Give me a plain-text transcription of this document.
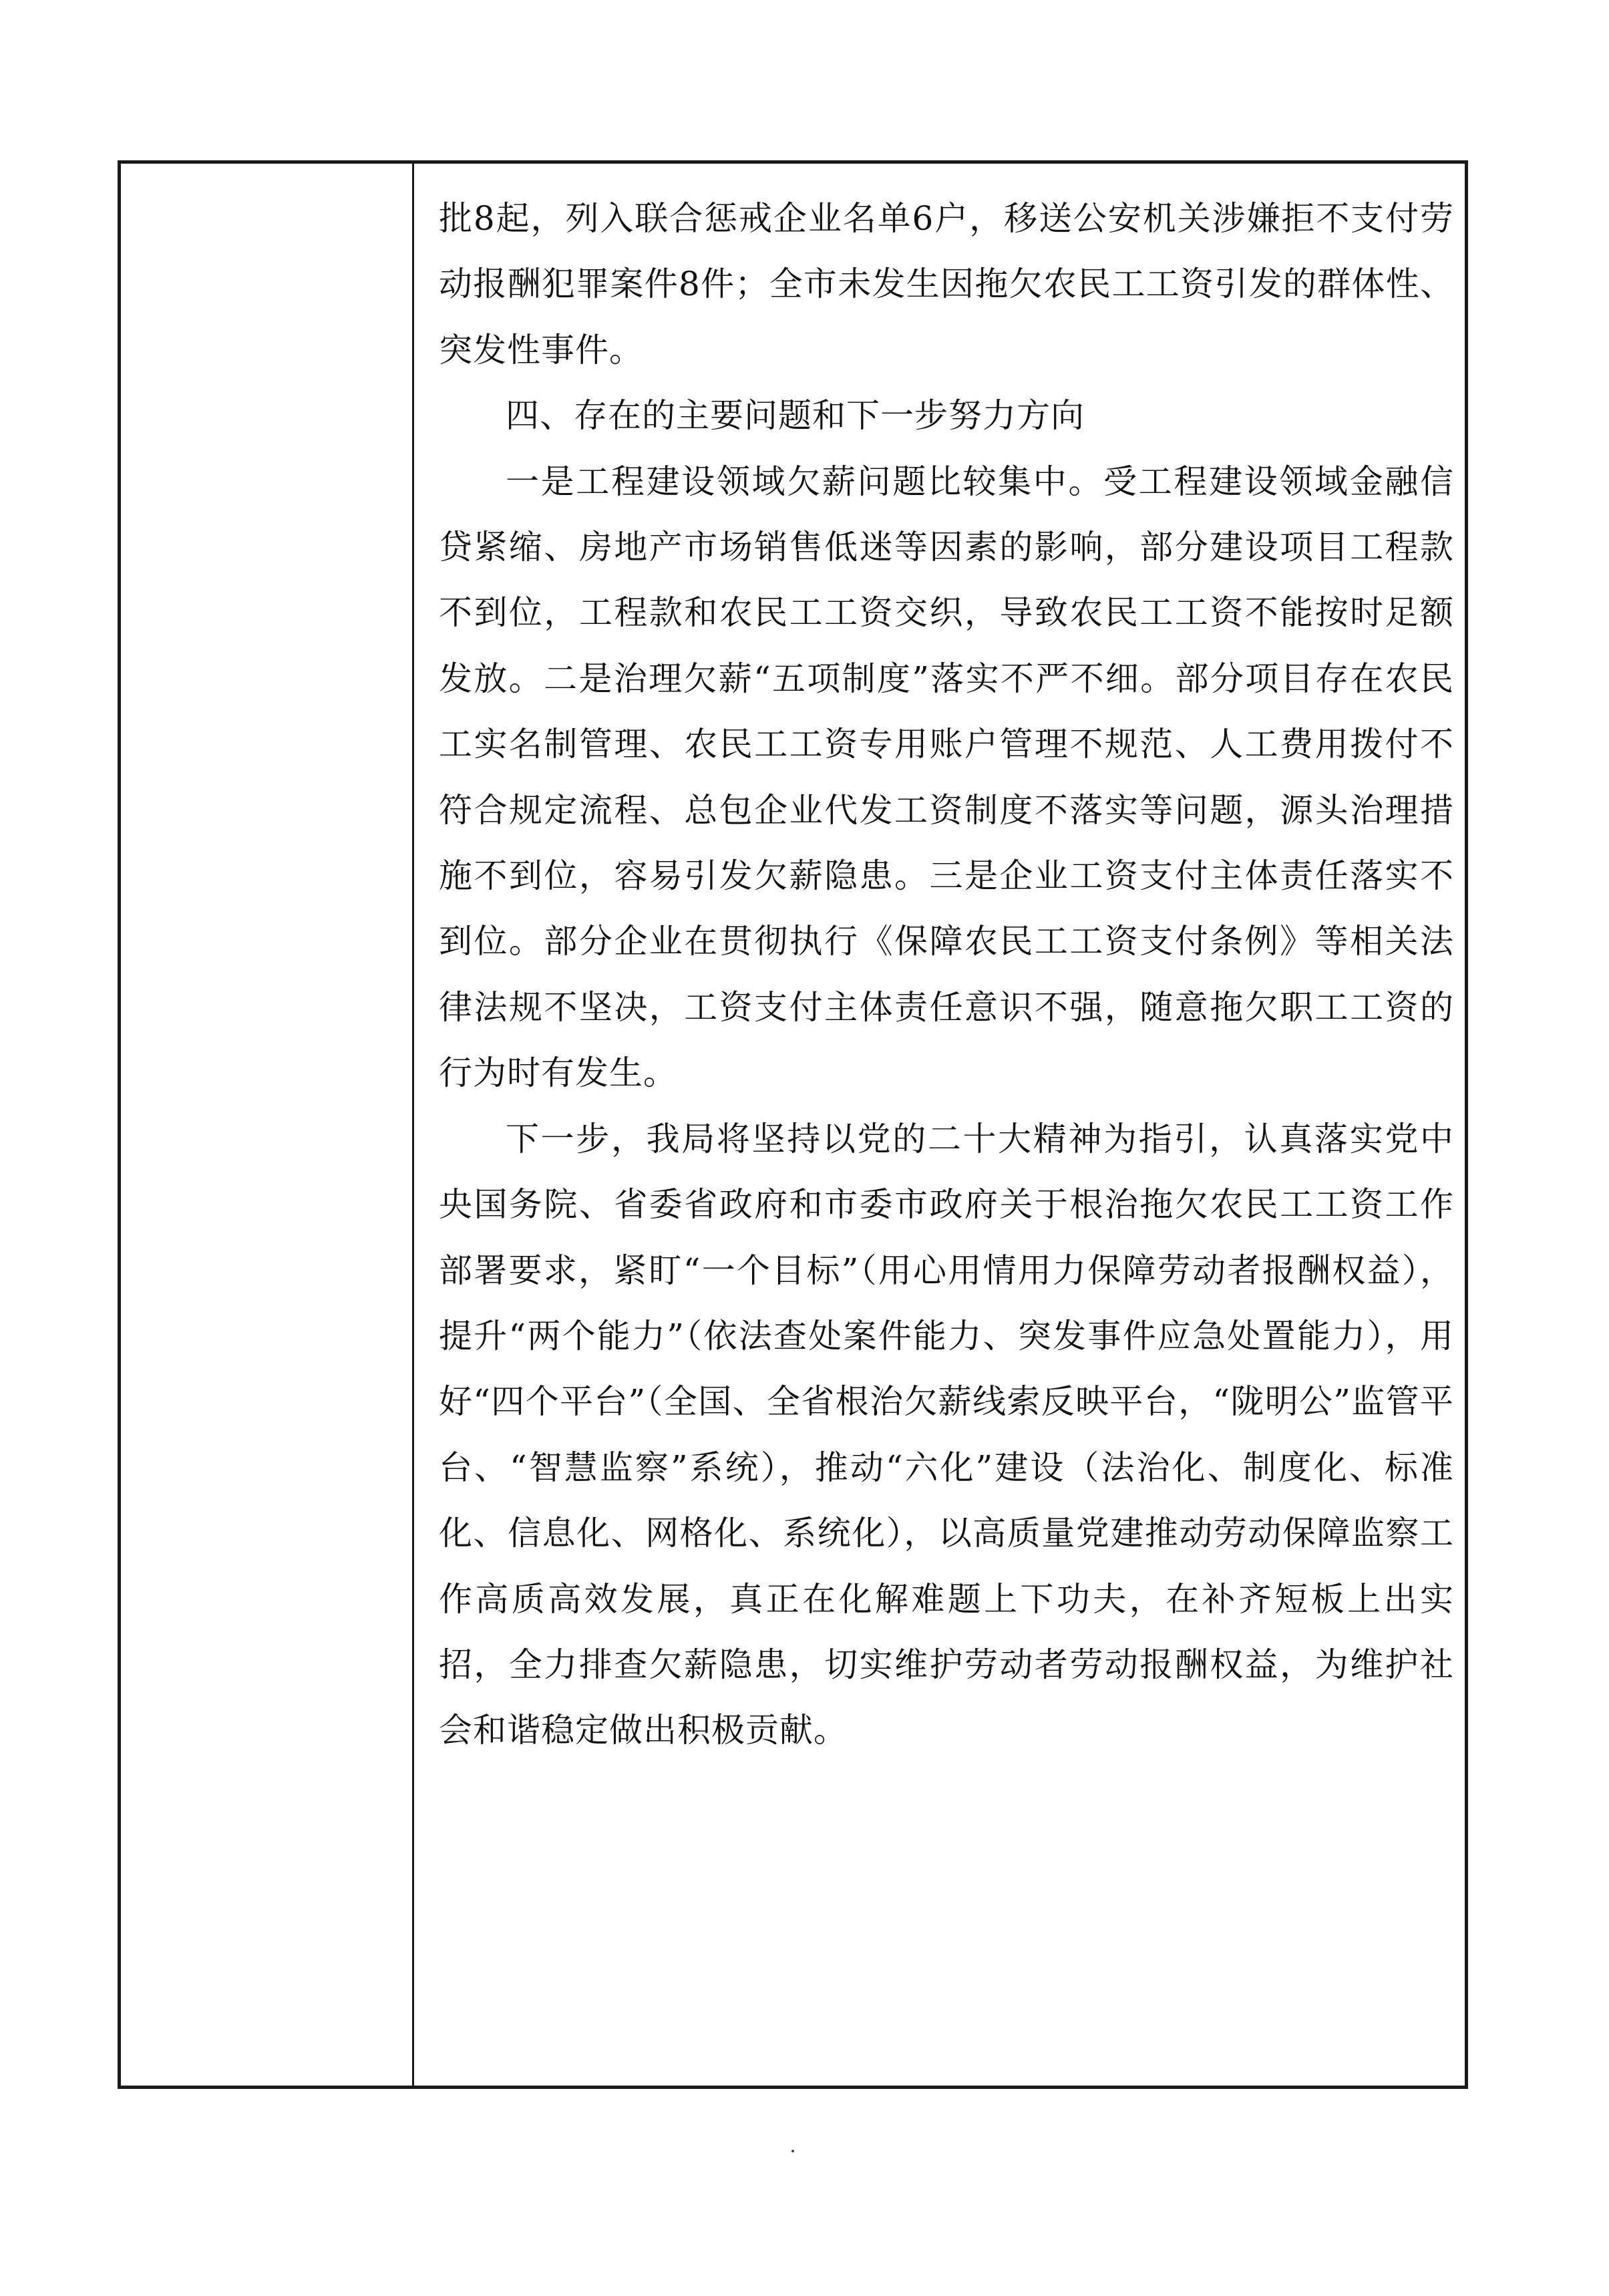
批8起，列入联合惩戒企业名单6户，移送公安机关涉嫌拒不支付劳动报酬犯罪案件8件；全市未发生因拖欠农民工工资引发的群体性、突发性事件。

四、存在的主要问题和下一步努力方向

一是工程建设领域欠薪问题比较集中。受工程建设领域金融信贷紧缩、房地产市场销售低迷等因素的影响，部分建设项目工程款不到位，工程款和农民工工资交织，导致农民工工资不能按时足额发放。二是治理欠薪“五项制度”落实不严不细。部分项目存在农民工实名制管理、农民工工资专用账户管理不规范、人工费用拨付不符合规定流程、总包企业代发工资制度不落实等问题，源头治理措施不到位，容易引发欠薪隐患。三是企业工资支付主体责任落实不到位。部分企业在贯彻执行《保障农民工工资支付条例》等相关法律法规不坚决，工资支付主体责任意识不强，随意拖欠职工工资的行为时有发生。

下一步，我局将坚持以党的二十大精神为指引，认真落实党中央国务院、省委省政府和市委市政府关于根治拖欠农民工工资工作部署要求，紧盯“一个目标”（用心用情用力保障劳动者报酬权益），提升“两个能力”（依法查处案件能力、突发事件应急处置能力），用好“四个平台”（全国、全省根治欠薪线索反映平台，“陇明公”监管平台、“智慧监察”系统），推动“六化”建设（法治化、制度化、标准化、信息化、网格化、系统化），以高质量党建推动劳动保障监察工作高质高效发展，真正在化解难题上下功夫，在补齐短板上出实招，全力排查欠薪隐患，切实维护劳动者劳动报酬权益，为维护社会和谐稳定做出积极贡献。
